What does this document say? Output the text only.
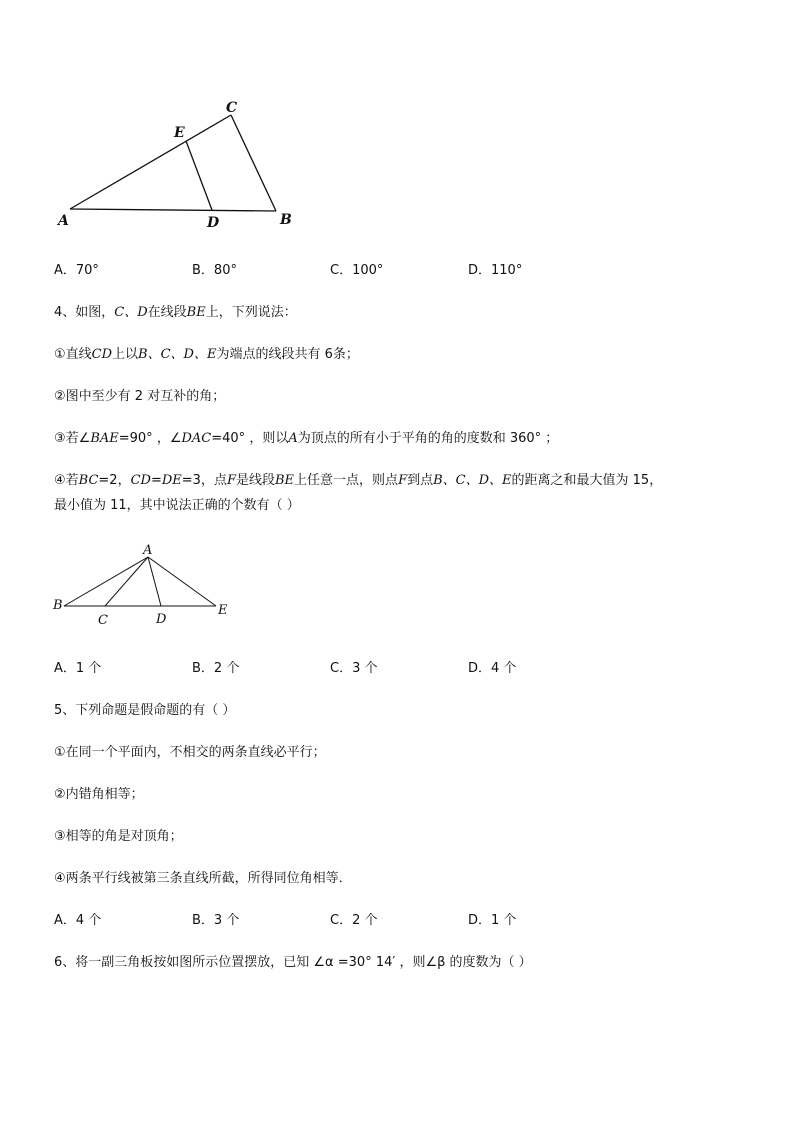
A	B
C
D
E
A．70°	B．80°	C．100°	D．110°
4、如图，C、D在线段BE上，下列说法：
①直线CD上以B、C、D、E为端点的线段共有 6条；
②图中至少有 2 对互补的角；
③若∠BAE=90° ，∠DAC=40° ，则以A为顶点的所有小于平角的角的度数和 360° ；
④若BC=2，CD=DE=3，点F是线段BE上任意一点，则点F到点B、C、D、E的距离之和最大值为 15，
最小值为 11，其中说法正确的个数有（ ）
A
B
C	D
E
A．1 个	B．2 个	C．3 个	D．4 个
5、下列命题是假命题的有（ ）
①在同一个平面内，不相交的两条直线必平行；
②内错角相等；
③相等的角是对顶角；
④两条平行线被第三条直线所截，所得同位角相等．
A．4 个	B．3 个	C．2 个	D．1 个
6、将一副三角板按如图所示位置摆放，已知 ∠α =30° 14′ ，则∠β 的度数为（ ）
